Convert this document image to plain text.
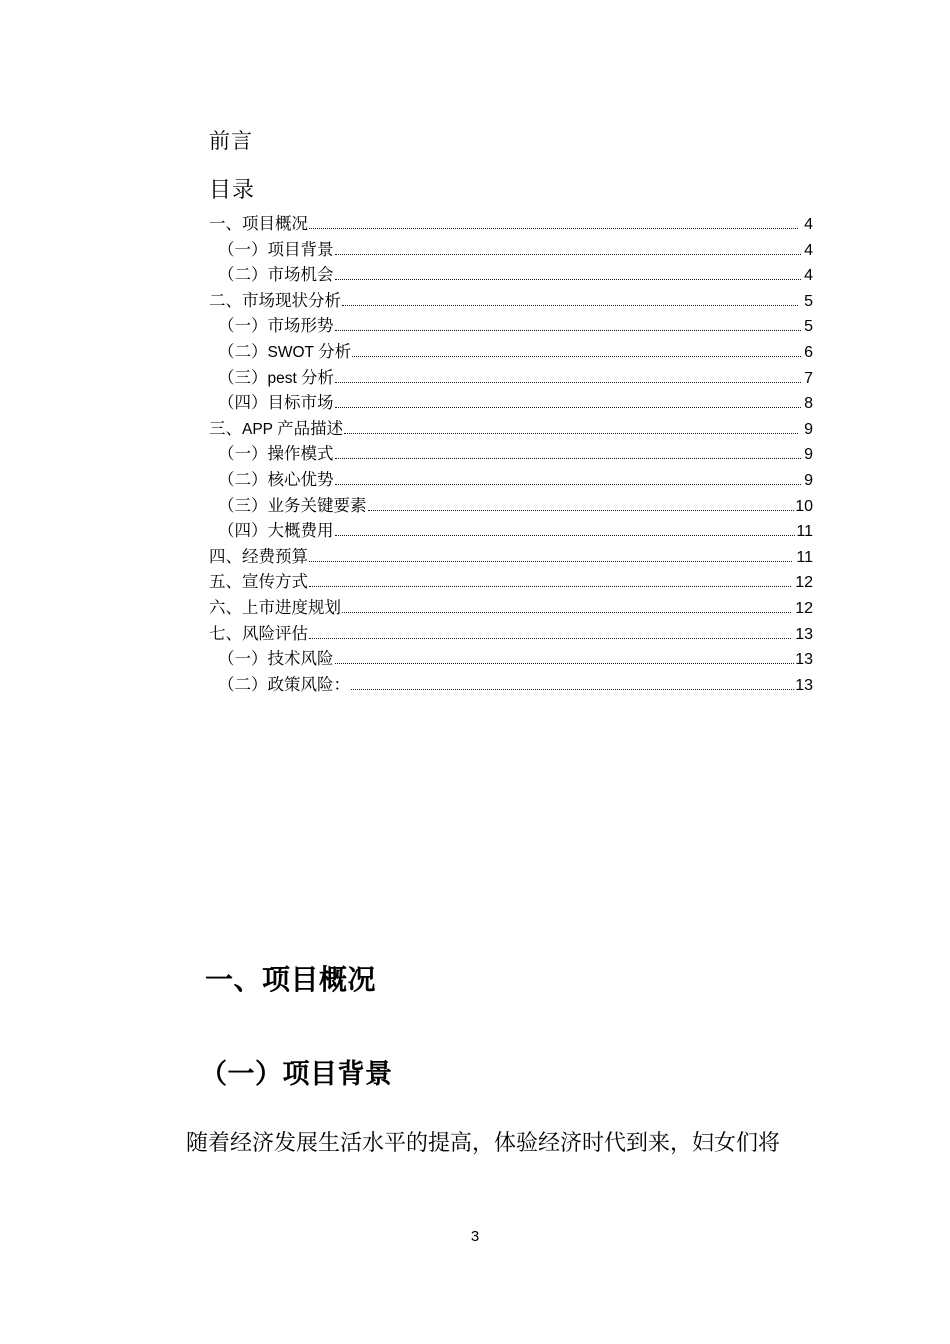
前言
目录
一、项目概况	4
（一）项目背景	4
（二）市场机会	4
二、市场现状分析	5
（一）市场形势	5
（二）SWOT 分析	6
（三）pest 分析	7
（四）目标市场	8
三、APP 产品描述	9
（一）操作模式	9
（二）核心优势	9
（三）业务关键要素	10
（四）大概费用	11
四、经费预算	11
五、宣传方式	12
六、上市进度规划	12
七、风险评估	13
（一）技术风险	13
（二）政策风险：	13
一、项目概况
（一）项目背景
随着经济发展生活水平的提高，体验经济时代到来，妇女们将
3
